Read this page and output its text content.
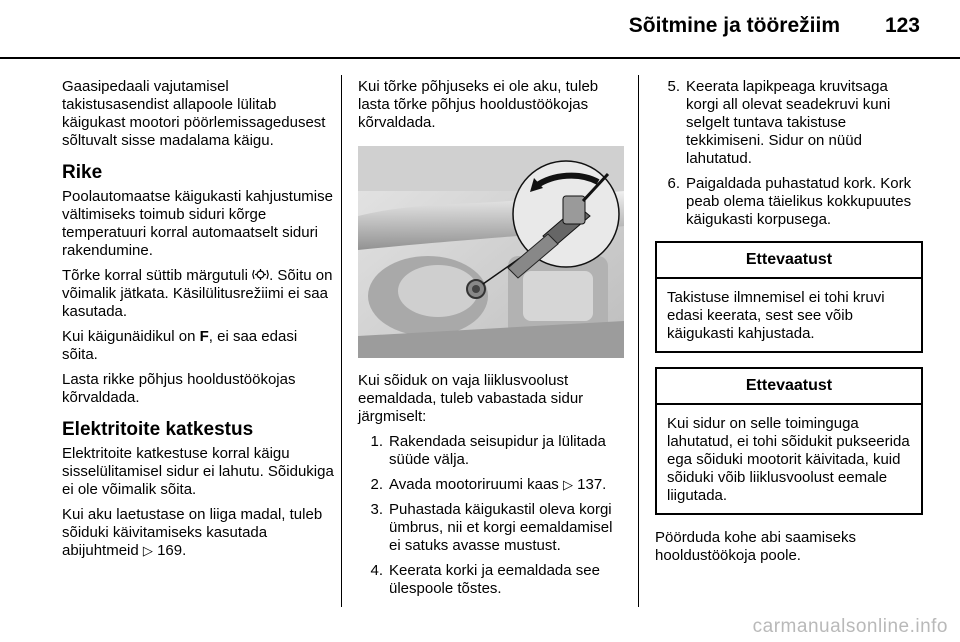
Sõitmine ja töörežiim 123

Gaasipedaali vajutamisel takistusasendist allapoole lülitab käigukast mootori pöörlemissagedusest sõltuvalt sisse madalama käigu.

Rike

Poolautomaatse käigukasti kahjustumise vältimiseks toimub siduri kõrge temperatuuri korral automaatselt siduri rakendumine.

Tõrke korral süttib märgutuli . Sõitu on võimalik jätkata. Käsilülitusrežiimi ei saa kasutada.

Kui käigunäidikul on F, ei saa edasi sõita.

Lasta rikke põhjus hooldustöökojas kõrvaldada.

Elektritoite katkestus

Elektritoite katkestuse korral käigu sisselülitamisel sidur ei lahutu. Sõidukiga ei ole võimalik sõita.

Kui aku laetustase on liiga madal, tuleb sõiduki käivitamiseks kasutada abijuhtmeid ▷ 169.

Kui tõrke põhjuseks ei ole aku, tuleb lasta tõrke põhjus hooldustöökojas kõrvaldada.

Kui sõiduk on vaja liiklusvoolust eemaldada, tuleb vabastada sidur järgmiselt:

1. Rakendada seisupidur ja lülitada süüde välja.
2. Avada mootoriruumi kaas ▷ 137.
3. Puhastada käigukastil oleva korgi ümbrus, nii et korgi eemaldamisel ei satuks avasse mustust.
4. Keerata korki ja eemaldada see ülespoole tõstes.
5. Keerata lapikpeaga kruvitsaga korgi all olevat seadekruvi kuni selgelt tuntava takistuse tekkimiseni. Sidur on nüüd lahutatud.
6. Paigaldada puhastatud kork. Kork peab olema täielikus kokkupuutes käigukasti korpusega.
Ettevaatust
Takistuse ilmnemisel ei tohi kruvi edasi keerata, sest see võib käigukasti kahjustada.
Ettevaatust
Kui sidur on selle toiminguga lahutatud, ei tohi sõidukit pukseerida ega sõiduki mootorit käivitada, kuid sõiduki võib liiklusvoolust eemale liigutada.

Pöörduda kohe abi saamiseks hooldustöökoja poole.

carmanualsonline.info
